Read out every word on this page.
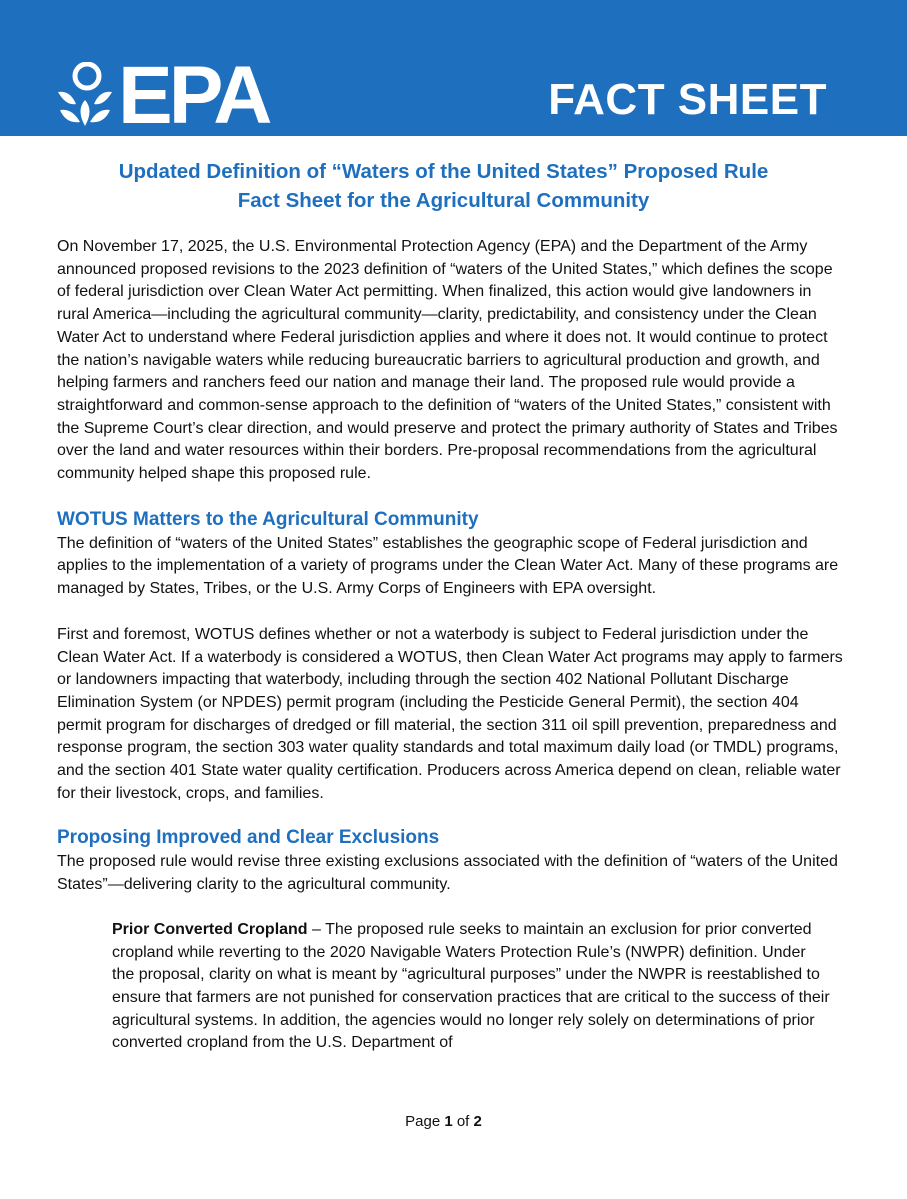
EPA	FACT SHEET
Updated Definition of “Waters of the United States” Proposed Rule
Fact Sheet for the Agricultural Community

On November 17, 2025, the U.S. Environmental Protection Agency (EPA) and the Department of the Army announced proposed revisions to the 2023 definition of “waters of the United States,” which defines the scope of federal jurisdiction over Clean Water Act permitting. When finalized, this action would give landowners in rural America—including the agricultural community—clarity, predictability, and consistency under the Clean Water Act to understand where Federal jurisdiction applies and where it does not. It would continue to protect the nation’s navigable waters while reducing bureaucratic barriers to agricultural production and growth, and helping farmers and ranchers feed our nation and manage their land. The proposed rule would provide a straightforward and common-sense approach to the definition of “waters of the United States,” consistent with the Supreme Court’s clear direction, and would preserve and protect the primary authority of States and Tribes over the land and water resources within their borders. Pre-proposal recommendations from the agricultural community helped shape this proposed rule.

WOTUS Matters to the Agricultural Community

The definition of “waters of the United States” establishes the geographic scope of Federal jurisdiction and applies to the implementation of a variety of programs under the Clean Water Act. Many of these programs are managed by States, Tribes, or the U.S. Army Corps of Engineers with EPA oversight.

First and foremost, WOTUS defines whether or not a waterbody is subject to Federal jurisdiction under the Clean Water Act. If a waterbody is considered a WOTUS, then Clean Water Act programs may apply to farmers or landowners impacting that waterbody, including through the section 402 National Pollutant Discharge Elimination System (or NPDES) permit program (including the Pesticide General Permit), the section 404 permit program for discharges of dredged or fill material, the section 311 oil spill prevention, preparedness and response program, the section 303 water quality standards and total maximum daily load (or TMDL) programs, and the section 401 State water quality certification. Producers across America depend on clean, reliable water for their livestock, crops, and families.

Proposing Improved and Clear Exclusions

The proposed rule would revise three existing exclusions associated with the definition of “waters of the United States”—delivering clarity to the agricultural community.

Prior Converted Cropland – The proposed rule seeks to maintain an exclusion for prior converted cropland while reverting to the 2020 Navigable Waters Protection Rule’s (NWPR) definition. Under the proposal, clarity on what is meant by “agricultural purposes” under the NWPR is reestablished to ensure that farmers are not punished for conservation practices that are critical to the success of their agricultural systems. In addition, the agencies would no longer rely solely on determinations of prior converted cropland from the U.S. Department of

Page 1 of 2
